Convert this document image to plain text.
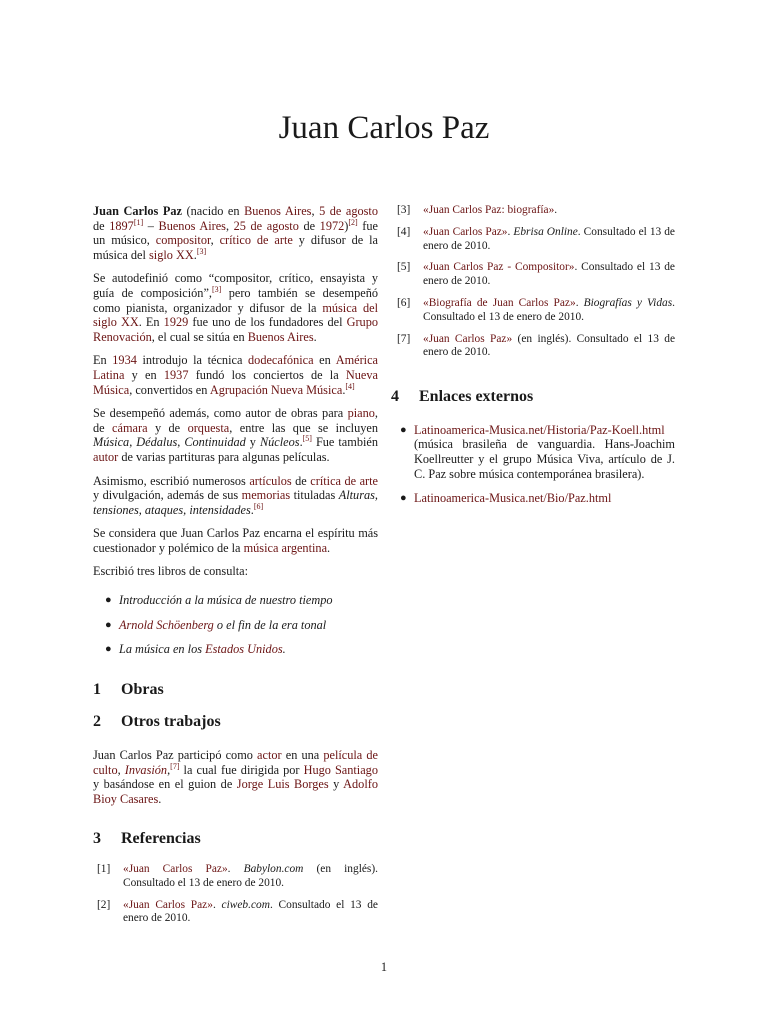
Juan Carlos Paz

Juan Carlos Paz (nacido en Buenos Aires, 5 de agosto de 1897[1] – Buenos Aires, 25 de agosto de 1972)[2] fue un músico, compositor, crítico de arte y difusor de la música del siglo XX.[3]

Se autodefinió como “compositor, crítico, ensayista y guía de composición”,[3] pero también se desempeñó como pianista, organizador y difusor de la música del siglo XX. En 1929 fue uno de los fundadores del Grupo Renovación, el cual se sitúa en Buenos Aires.

En 1934 introdujo la técnica dodecafónica en América Latina y en 1937 fundó los conciertos de la Nueva Música, convertidos en Agrupación Nueva Música.[4]

Se desempeñó además, como autor de obras para piano, de cámara y de orquesta, entre las que se incluyen Música, Dédalus, Continuidad y Núcleos.[5] Fue también autor de varias partituras para algunas películas.

Asimismo, escribió numerosos artículos de crítica de arte y divulgación, además de sus memorias tituladas Alturas, tensiones, ataques, intensidades.[6]

Se considera que Juan Carlos Paz encarna el espíritu más cuestionador y polémico de la música argentina.

Escribió tres libros de consulta:

● Introducción a la música de nuestro tiempo
● Arnold Schöenberg o el fin de la era tonal
● La música en los Estados Unidos.
1	Obras
2	Otros trabajos

Juan Carlos Paz participó como actor en una película de culto, Invasión,[7] la cual fue dirigida por Hugo Santiago y basándose en el guion de Jorge Luis Borges y Adolfo Bioy Casares.

3	Referencias
[1] «Juan Carlos Paz». Babylon.com (en inglés). Consultado el 13 de enero de 2010.
[2] «Juan Carlos Paz». ciweb.com. Consultado el 13 de enero de 2010.
[3] «Juan Carlos Paz: biografía».
[4] «Juan Carlos Paz». Ebrisa Online. Consultado el 13 de enero de 2010.
[5] «Juan Carlos Paz - Compositor». Consultado el 13 de enero de 2010.
[6] «Biografía de Juan Carlos Paz». Biografías y Vidas. Consultado el 13 de enero de 2010.
[7] «Juan Carlos Paz» (en inglés). Consultado el 13 de enero de 2010.
4	Enlaces externos
● Latinoamerica-Musica.net/Historia/Paz-Koell.html (música brasileña de vanguardia. Hans-Joachim Koellreutter y el grupo Música Viva, artículo de J. C. Paz sobre música contemporánea brasilera).
● Latinoamerica-Musica.net/Bio/Paz.html
1
